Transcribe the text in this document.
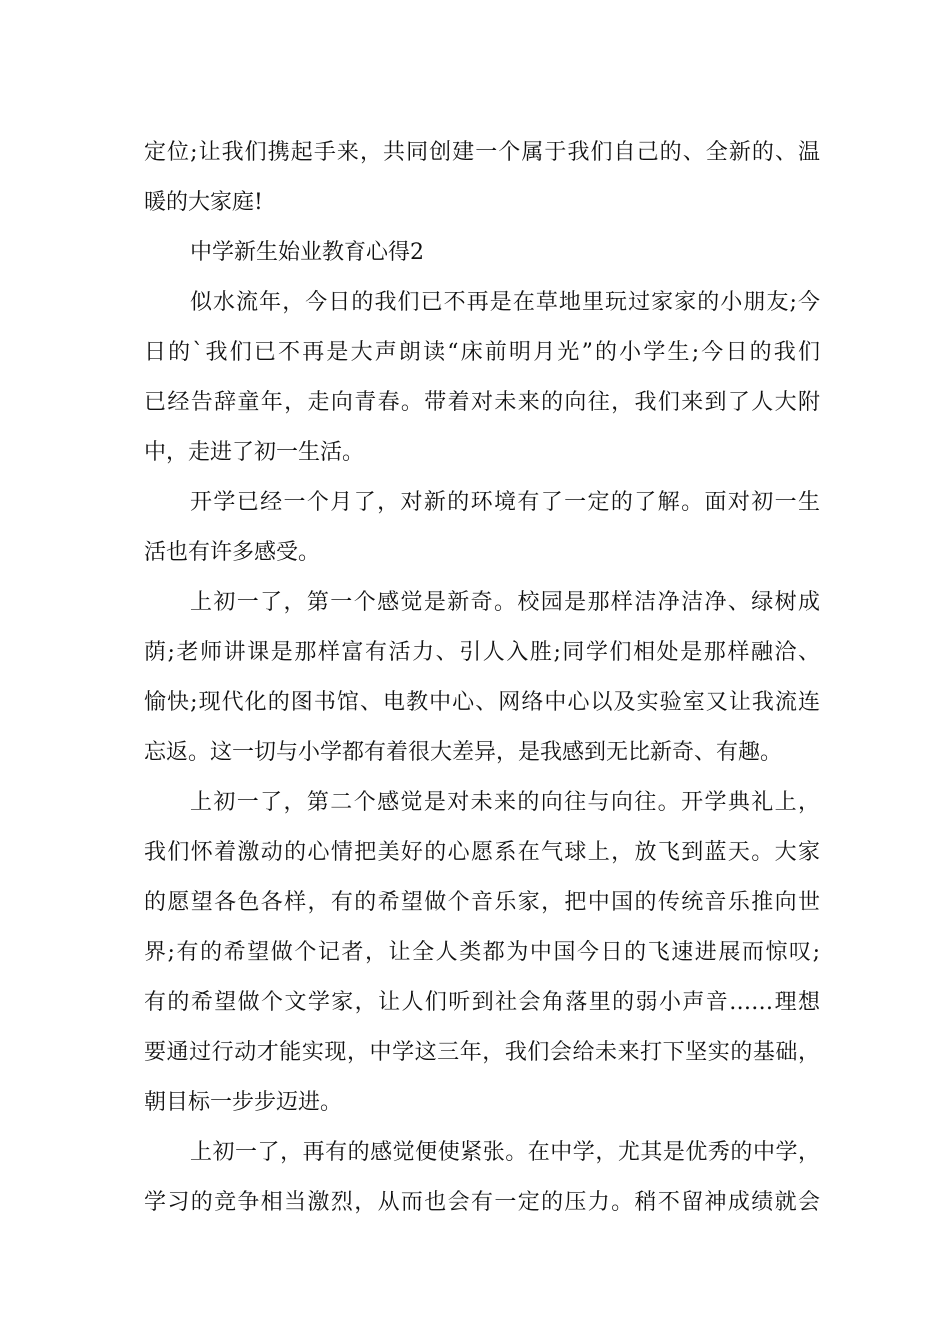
定位;让我们携起手来，共同创建一个属于我们自己的、全新的、温
暖的大家庭!
中学新生始业教育心得2
似水流年，今日的我们已不再是在草地里玩过家家的小朋友;今
日的`我们已不再是大声朗读“床前明月光”的小学生;今日的我们
已经告辞童年，走向青春。带着对未来的向往，我们来到了人大附
中，走进了初一生活。
开学已经一个月了，对新的环境有了一定的了解。面对初一生
活也有许多感受。
上初一了，第一个感觉是新奇。校园是那样洁净洁净、绿树成
荫;老师讲课是那样富有活力、引人入胜;同学们相处是那样融洽、
愉快;现代化的图书馆、电教中心、网络中心以及实验室又让我流连
忘返。这一切与小学都有着很大差异，是我感到无比新奇、有趣。
上初一了，第二个感觉是对未来的向往与向往。开学典礼上，
我们怀着激动的心情把美好的心愿系在气球上，放飞到蓝天。大家
的愿望各色各样，有的希望做个音乐家，把中国的传统音乐推向世
界;有的希望做个记者，让全人类都为中国今日的飞速进展而惊叹;
有的希望做个文学家，让人们听到社会角落里的弱小声音……理想
要通过行动才能实现，中学这三年，我们会给未来打下坚实的基础，
朝目标一步步迈进。
上初一了，再有的感觉便使紧张。在中学，尤其是优秀的中学，
学习的竞争相当激烈，从而也会有一定的压力。稍不留神成绩就会
